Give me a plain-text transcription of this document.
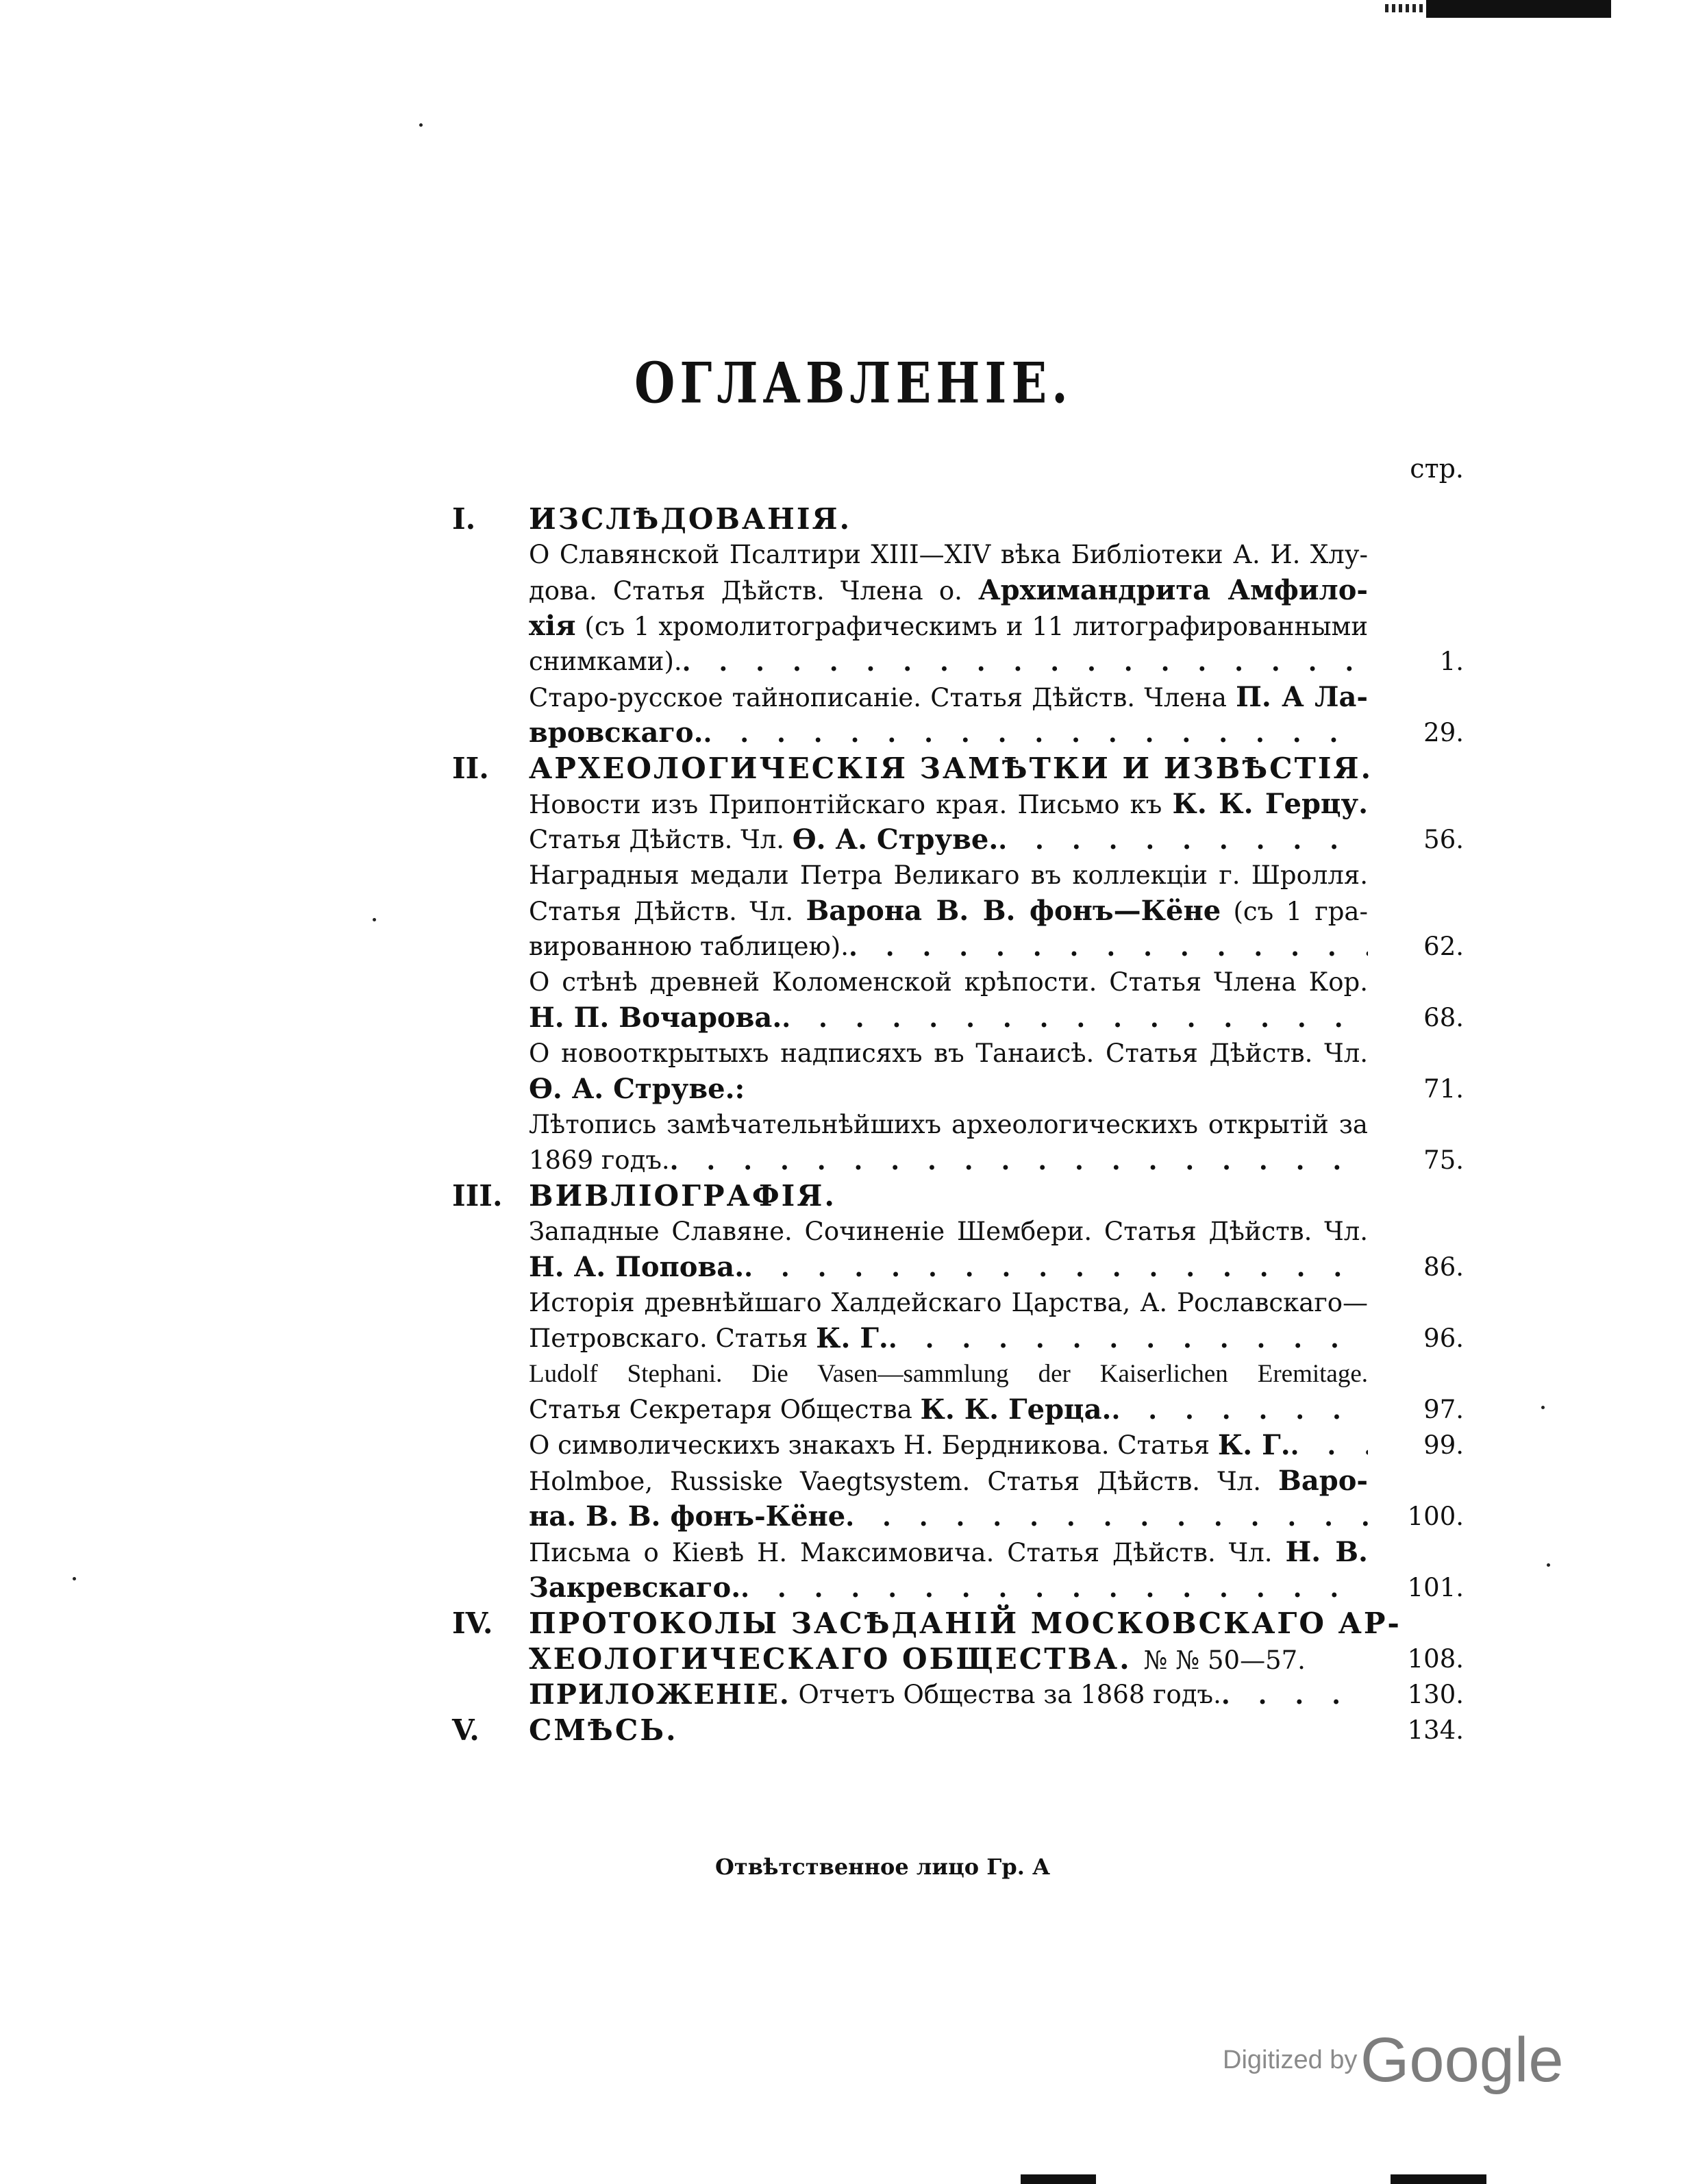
ОГЛАВЛЕНІЕ.
стр.
I.	ИЗСЛѢДОВАНІЯ.
О Славянской Псалтири XIII—XIV вѣка Библіотеки А. И. Хлу-
дова. Статья Дѣйств. Члена о. Архимандрита Амфило-
хія (съ 1 хромолитографическимъ и 11 литографированными
снимками). . . .	1.
Старо-русское тайнописаніе. Статья Дѣйств. Члена П. А Ла-
вровскаго. . . .	29.
II.	АРХЕОЛОГИЧЕСКІЯ ЗАМѢТКИ И ИЗВѢСТІЯ.
Новости изъ Припонтійскаго края. Письмо къ К. К. Герцу.
Статья Дѣйств. Чл.
Ѳ. А. Струве. . . .	56.
Наградныя медали Петра Великаго въ коллекціи г. Шролля.
Статья Дѣйств. Чл. Варона В. В. фонъ—Кёне (съ 1 гра-
вированною таблицею). . . .	62.
О стѣнѣ древней Коломенской крѣпости. Статья Члена Кор.
Н. П. Вочарова. . . .	68.
О новооткрытыхъ надписяхъ въ Танаисѣ. Статья Дѣйств. Чл.
Ѳ. А. Струве.:	71.
Лѣтопись замѣчательнѣйшихъ археологическихъ открытій за
1869 годъ. . . .	75.
III. ВИВЛІОГРАФІЯ.
Западные Славяне. Сочиненіе Шембери. Статья Дѣйств. Чл.
Н. А. Попова. . . .	86.
Исторія древнѣйшаго Халдейскаго Царства, А. Рославскаго—
Петровскаго. Статья
К. Г. . . .	96.
Ludolf Stephani. Die Vasen—sammlung der Kaiserlichen Eremitage.
Статья Секретаря Общества
К. К. Герца. . . .	97.
О символическихъ знакахъ Н. Бердникова. Статья
К. Г. . . .	99.
Holmboe, Russiske Vaegtsystem. Статья Дѣйств. Чл. Варо-
на. В. В. фонъ-Кёне . . .	100.
Письма о Кіевѣ Н. Максимовича. Статья Дѣйств. Чл. Н. В.
Закревскаго. . . .	101.
IV.	ПРОТОКОЛЫ ЗАСѢДАНІЙ МОСКОВСКАГО АР-
ХЕОЛОГИЧЕСКАГО ОБЩЕСТВА. № № 50—57.	108.
ПРИЛОЖЕНІЕ.
Отчетъ Общества за 1868 годъ. . . .	130.
V.	СМѢСЬ.	134.
Отвѣтственное лицо Гр. А
Digitized by Google
